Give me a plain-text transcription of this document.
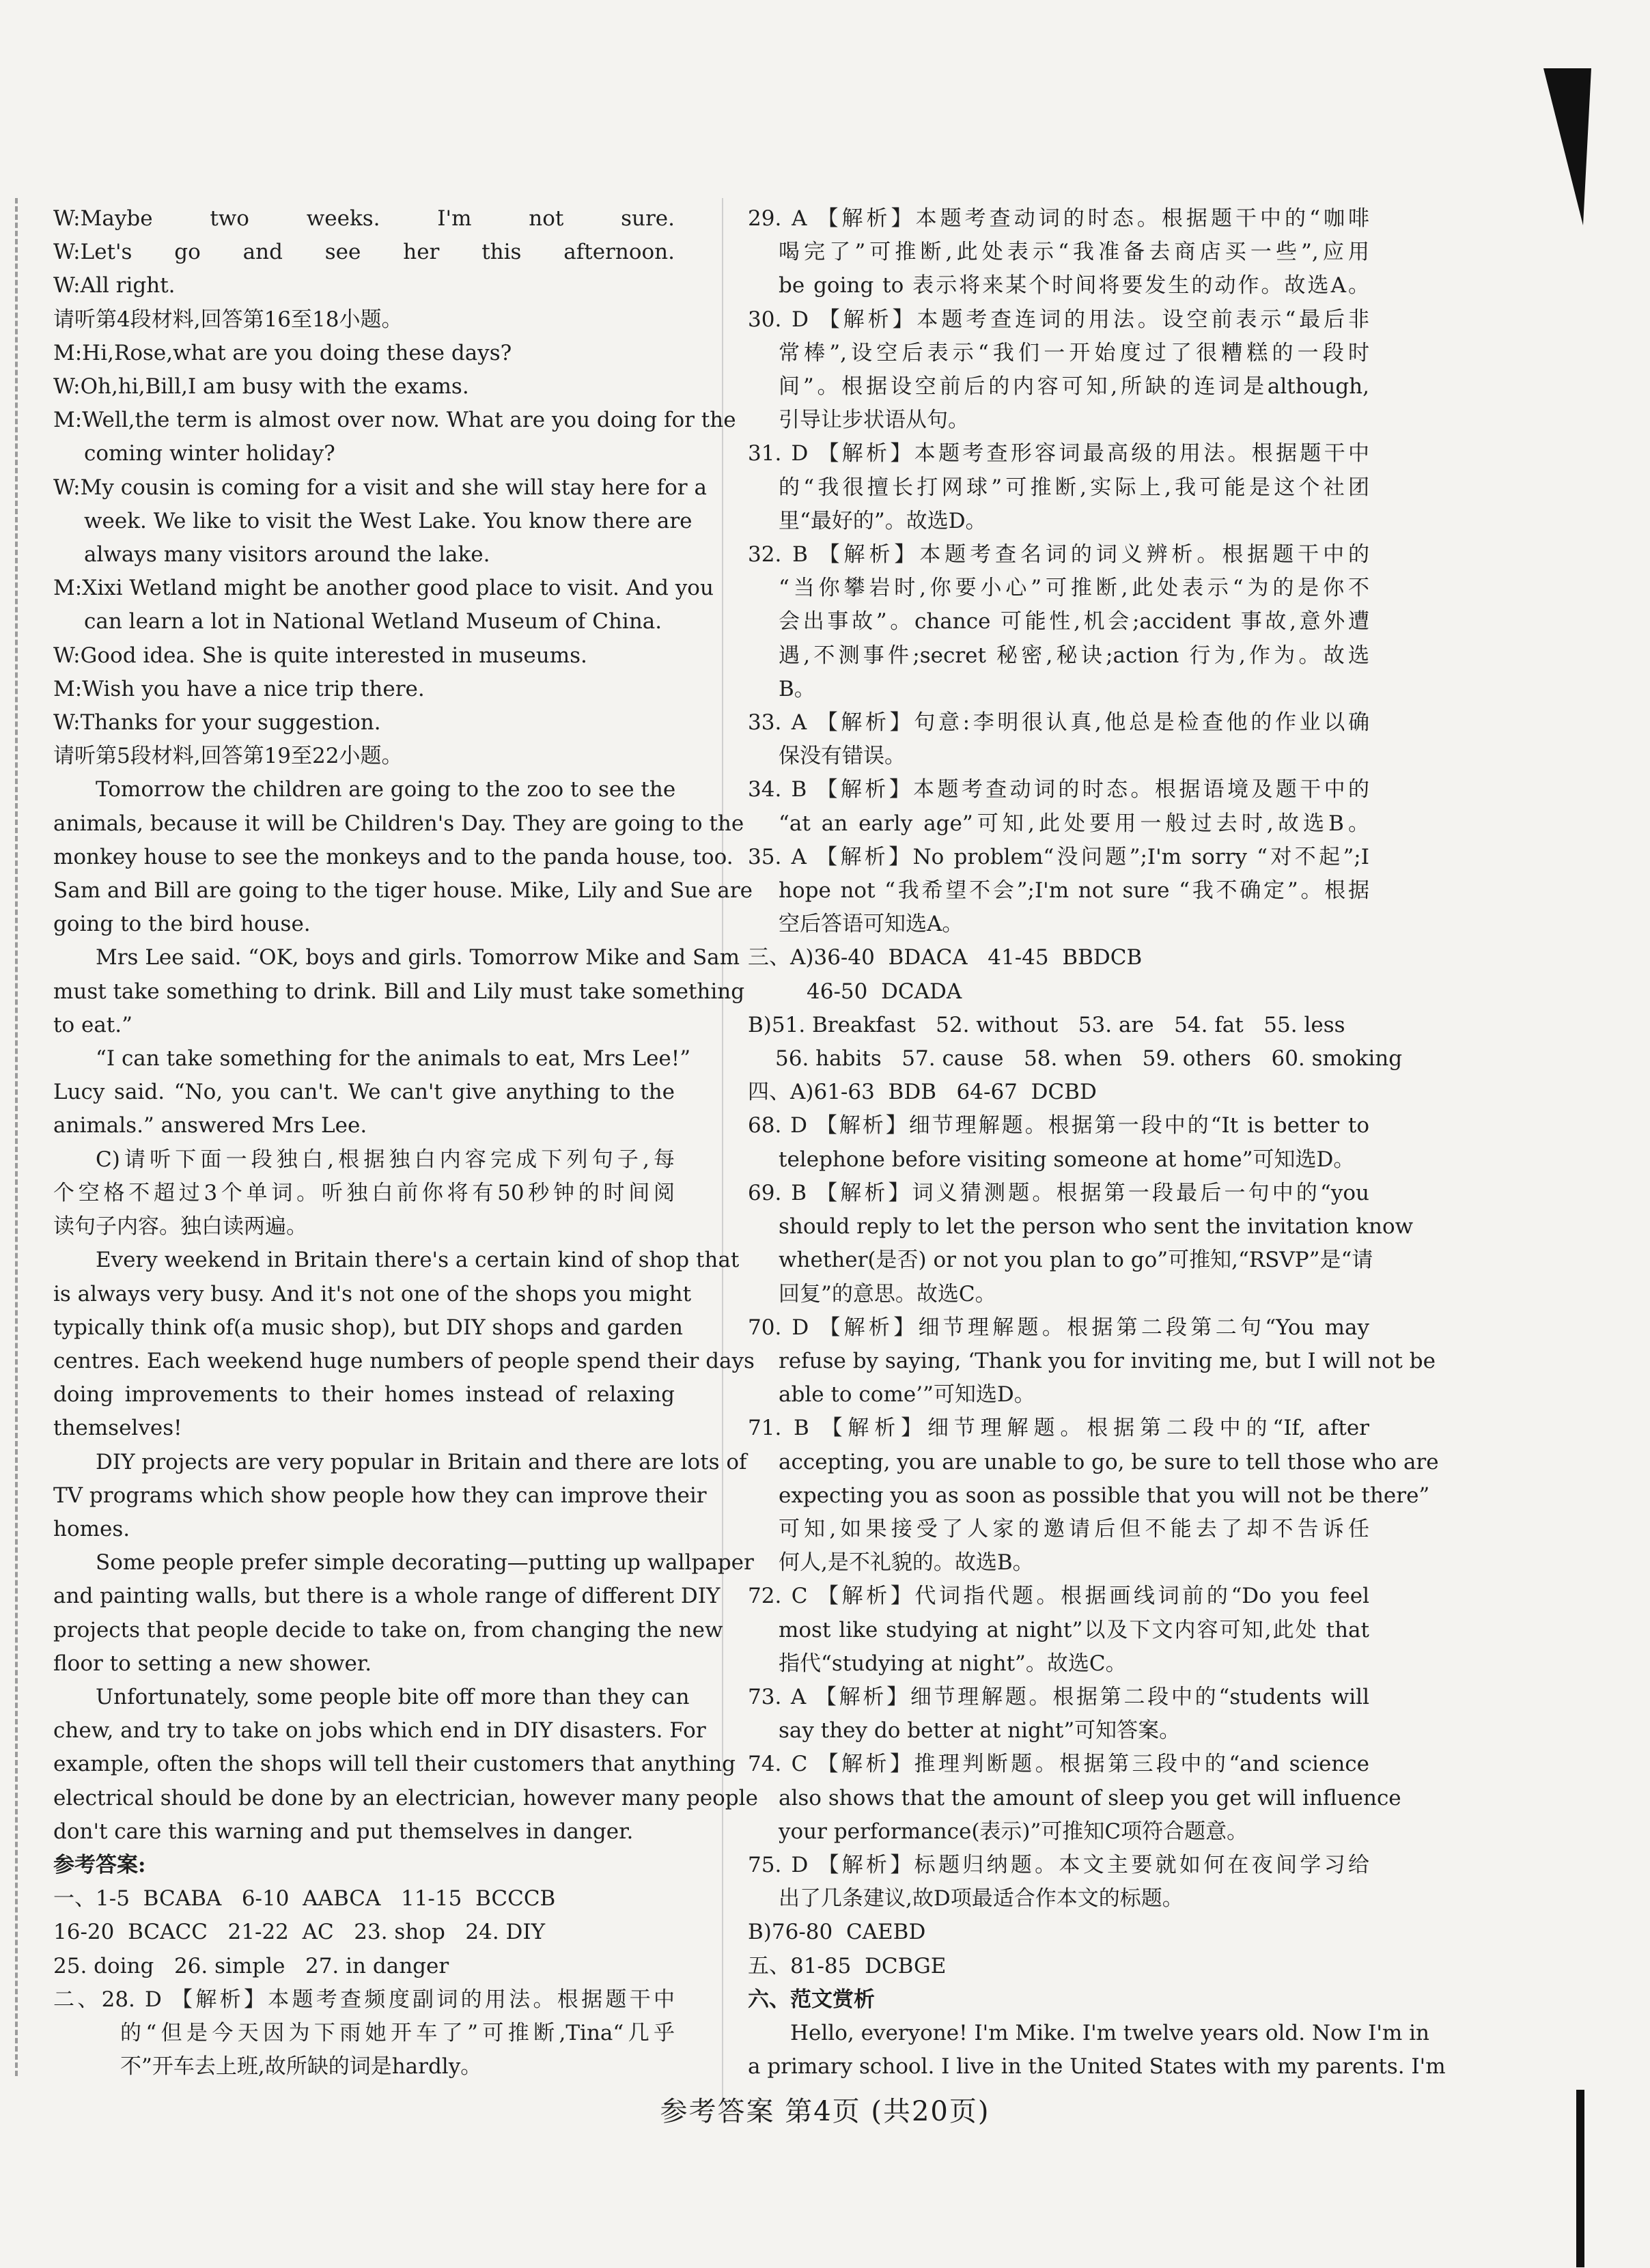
W:Maybe two weeks. I'm not sure.

W:Let's go and see her this afternoon.

W:All right.

请听第4段材料,回答第16至18小题。

M:Hi,Rose,what are you doing these days?

W:Oh,hi,Bill,I am busy with the exams.

M:Well,the term is almost over now. What are you doing for the

coming winter holiday?

W:My cousin is coming for a visit and she will stay here for a

week. We like to visit the West Lake. You know there are

always many visitors around the lake.

M:Xixi Wetland might be another good place to visit. And you

can learn a lot in National Wetland Museum of China.

W:Good idea. She is quite interested in museums.

M:Wish you have a nice trip there.

W:Thanks for your suggestion.

请听第5段材料,回答第19至22小题。

Tomorrow the children are going to the zoo to see the

animals, because it will be Children's Day. They are going to the

monkey house to see the monkeys and to the panda house, too.

Sam and Bill are going to the tiger house. Mike, Lily and Sue are

going to the bird house.

Mrs Lee said. “OK, boys and girls. Tomorrow Mike and Sam

must take something to drink. Bill and Lily must take something

to eat.”

“I can take something for the animals to eat, Mrs Lee!”

Lucy said. “No, you can't. We can't give anything to the

animals.” answered Mrs Lee.

C)请听下面一段独白,根据独白内容完成下列句子,每

个空格不超过3个单词。听独白前你将有50秒钟的时间阅

读句子内容。独白读两遍。

Every weekend in Britain there's a certain kind of shop that

is always very busy. And it's not one of the shops you might

typically think of(a music shop), but DIY shops and garden

centres. Each weekend huge numbers of people spend their days

doing improvements to their homes instead of relaxing

themselves!

DIY projects are very popular in Britain and there are lots of

TV programs which show people how they can improve their

homes.

Some people prefer simple decorating—putting up wallpaper

and painting walls, but there is a whole range of different DIY

projects that people decide to take on, from changing the new

floor to setting a new shower.

Unfortunately, some people bite off more than they can

chew, and try to take on jobs which end in DIY disasters. For

example, often the shops will tell their customers that anything

electrical should be done by an electrician, however many people

don't care this warning and put themselves in danger.

参考答案:

一、1-5  BCABA   6-10  AABCA   11-15  BCCCB

16-20  BCACC   21-22  AC   23. shop   24. DIY

25. doing   26. simple   27. in danger

二、28. D 【解析】本题考查频度副词的用法。根据题干中

的“但是今天因为下雨她开车了”可推断,Tina“几乎

不”开车去上班,故所缺的词是hardly。

29. A 【解析】本题考查动词的时态。根据题干中的“咖啡

喝完了”可推断,此处表示“我准备去商店买一些”,应用

be going to 表示将来某个时间将要发生的动作。故选A。

30. D 【解析】本题考查连词的用法。设空前表示“最后非

常棒”,设空后表示“我们一开始度过了很糟糕的一段时

间”。根据设空前后的内容可知,所缺的连词是although,

引导让步状语从句。

31. D 【解析】本题考查形容词最高级的用法。根据题干中

的“我很擅长打网球”可推断,实际上,我可能是这个社团

里“最好的”。故选D。

32. B 【解析】本题考查名词的词义辨析。根据题干中的

“当你攀岩时,你要小心”可推断,此处表示“为的是你不

会出事故”。chance 可能性,机会;accident 事故,意外遭

遇,不测事件;secret 秘密,秘诀;action 行为,作为。故选

B。

33. A 【解析】句意:李明很认真,他总是检查他的作业以确

保没有错误。

34. B 【解析】本题考查动词的时态。根据语境及题干中的

“at an early age”可知,此处要用一般过去时,故选B。

35. A 【解析】No problem“没问题”;I'm sorry “对不起”;I

hope not “我希望不会”;I'm not sure “我不确定”。根据

空后答语可知选A。

三、A)36-40  BDACA   41-45  BBDCB

46-50  DCADA

B)51. Breakfast   52. without   53. are   54. fat   55. less

56. habits   57. cause   58. when   59. others   60. smoking

四、A)61-63  BDB   64-67  DCBD

68. D 【解析】细节理解题。根据第一段中的“It is better to

telephone before visiting someone at home”可知选D。

69. B 【解析】词义猜测题。根据第一段最后一句中的“you

should reply to let the person who sent the invitation know

whether(是否) or not you plan to go”可推知,“RSVP”是“请

回复”的意思。故选C。

70. D 【解析】细节理解题。根据第二段第二句“You may

refuse by saying, ‘Thank you for inviting me, but I will not be

able to come’”可知选D。

71. B 【解析】细节理解题。根据第二段中的“If, after

accepting, you are unable to go, be sure to tell those who are

expecting you as soon as possible that you will not be there”

可知,如果接受了人家的邀请后但不能去了却不告诉任

何人,是不礼貌的。故选B。

72. C 【解析】代词指代题。根据画线词前的“Do you feel

most like studying at night”以及下文内容可知,此处 that

指代“studying at night”。故选C。

73. A 【解析】细节理解题。根据第二段中的“students will

say they do better at night”可知答案。

74. C 【解析】推理判断题。根据第三段中的“and science

also shows that the amount of sleep you get will influence

your performance(表示)”可推知C项符合题意。

75. D 【解析】标题归纳题。本文主要就如何在夜间学习给

出了几条建议,故D项最适合作本文的标题。

B)76-80  CAEBD

五、81-85  DCBGE

六、范文赏析

Hello, everyone! I'm Mike. I'm twelve years old. Now I'm in

a primary school. I live in the United States with my parents. I'm

参考答案 第4页 (共20页)
